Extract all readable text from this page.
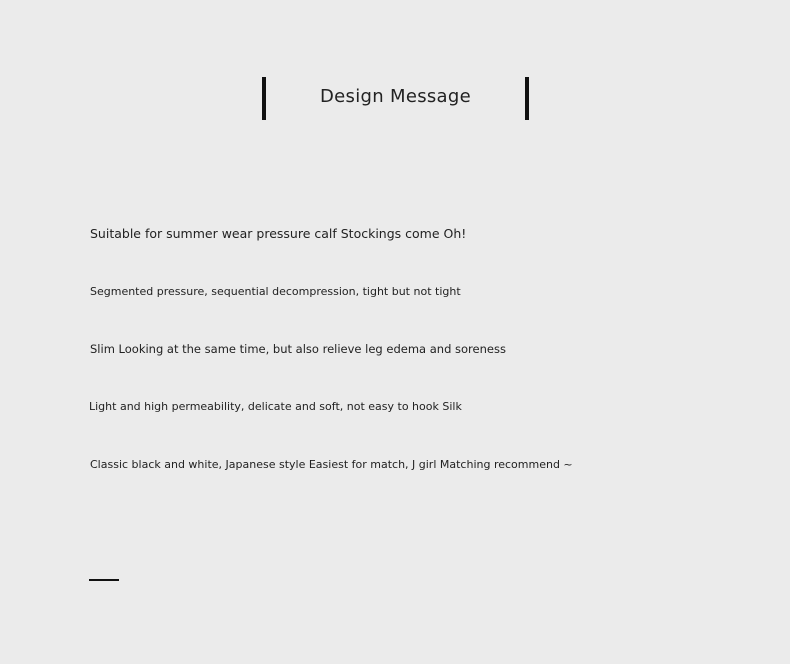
Design Message
Suitable for summer wear pressure calf Stockings come Oh!
Segmented pressure, sequential decompression, tight but not tight
Slim Looking at the same time, but also relieve leg edema and soreness
Light and high permeability, delicate and soft, not easy to hook Silk
Classic black and white, Japanese style Easiest for match, J girl Matching recommend ~
